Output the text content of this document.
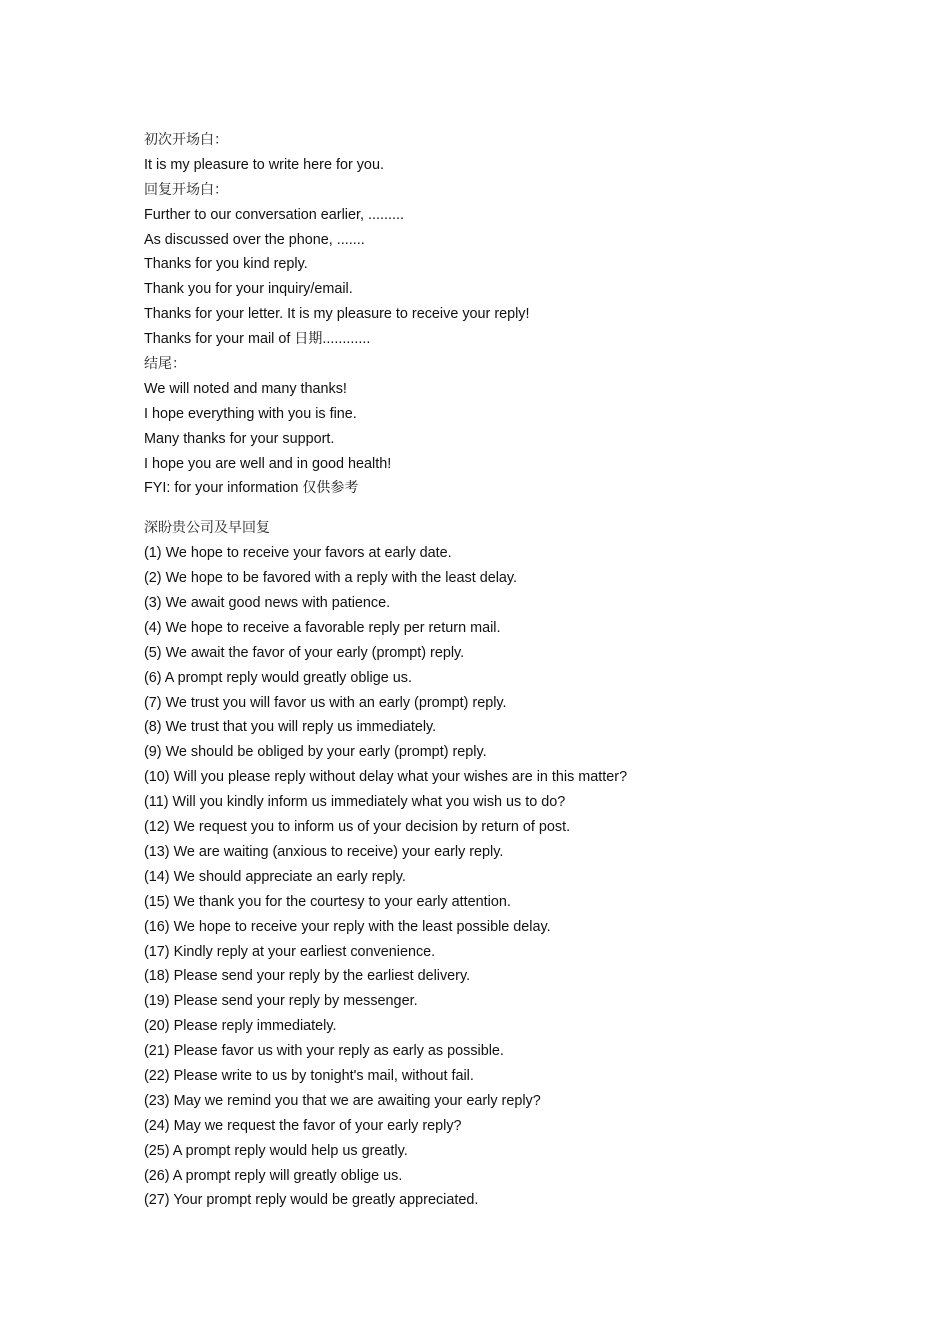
初次开场白：
It is my pleasure to write here for you.
回复开场白：
Further to our conversation earlier, .........
As discussed over the phone, .......
Thanks for you kind reply.
Thank you for your inquiry/email.
Thanks for your letter. It is my pleasure to receive your reply!
Thanks for your mail of 日期............
结尾：
We will noted and many thanks!
I hope everything with you is fine.
Many thanks for your support.
I hope you are well and in good health!
FYI: for your information 仅供参考
深盼贵公司及早回复
(1) We hope to receive your favors at early date.
(2) We hope to be favored with a reply with the least delay.
(3) We await good news with patience.
(4) We hope to receive a favorable reply per return mail.
(5) We await the favor of your early (prompt) reply.
(6) A prompt reply would greatly oblige us.
(7) We trust you will favor us with an early (prompt) reply.
(8) We trust that you will reply us immediately.
(9) We should be obliged by your early (prompt) reply.
(10) Will you please reply without delay what your wishes are in this matter?
(11) Will you kindly inform us immediately what you wish us to do?
(12) We request you to inform us of your decision by return of post.
(13) We are waiting (anxious to receive) your early reply.
(14) We should appreciate an early reply.
(15) We thank you for the courtesy to your early attention.
(16) We hope to receive your reply with the least possible delay.
(17) Kindly reply at your earliest convenience.
(18) Please send your reply by the earliest delivery.
(19) Please send your reply by messenger.
(20) Please reply immediately.
(21) Please favor us with your reply as early as possible.
(22) Please write to us by tonight's mail, without fail.
(23) May we remind you that we are awaiting your early reply?
(24) May we request the favor of your early reply?
(25) A prompt reply would help us greatly.
(26) A prompt reply will greatly oblige us.
(27) Your prompt reply would be greatly appreciated.
